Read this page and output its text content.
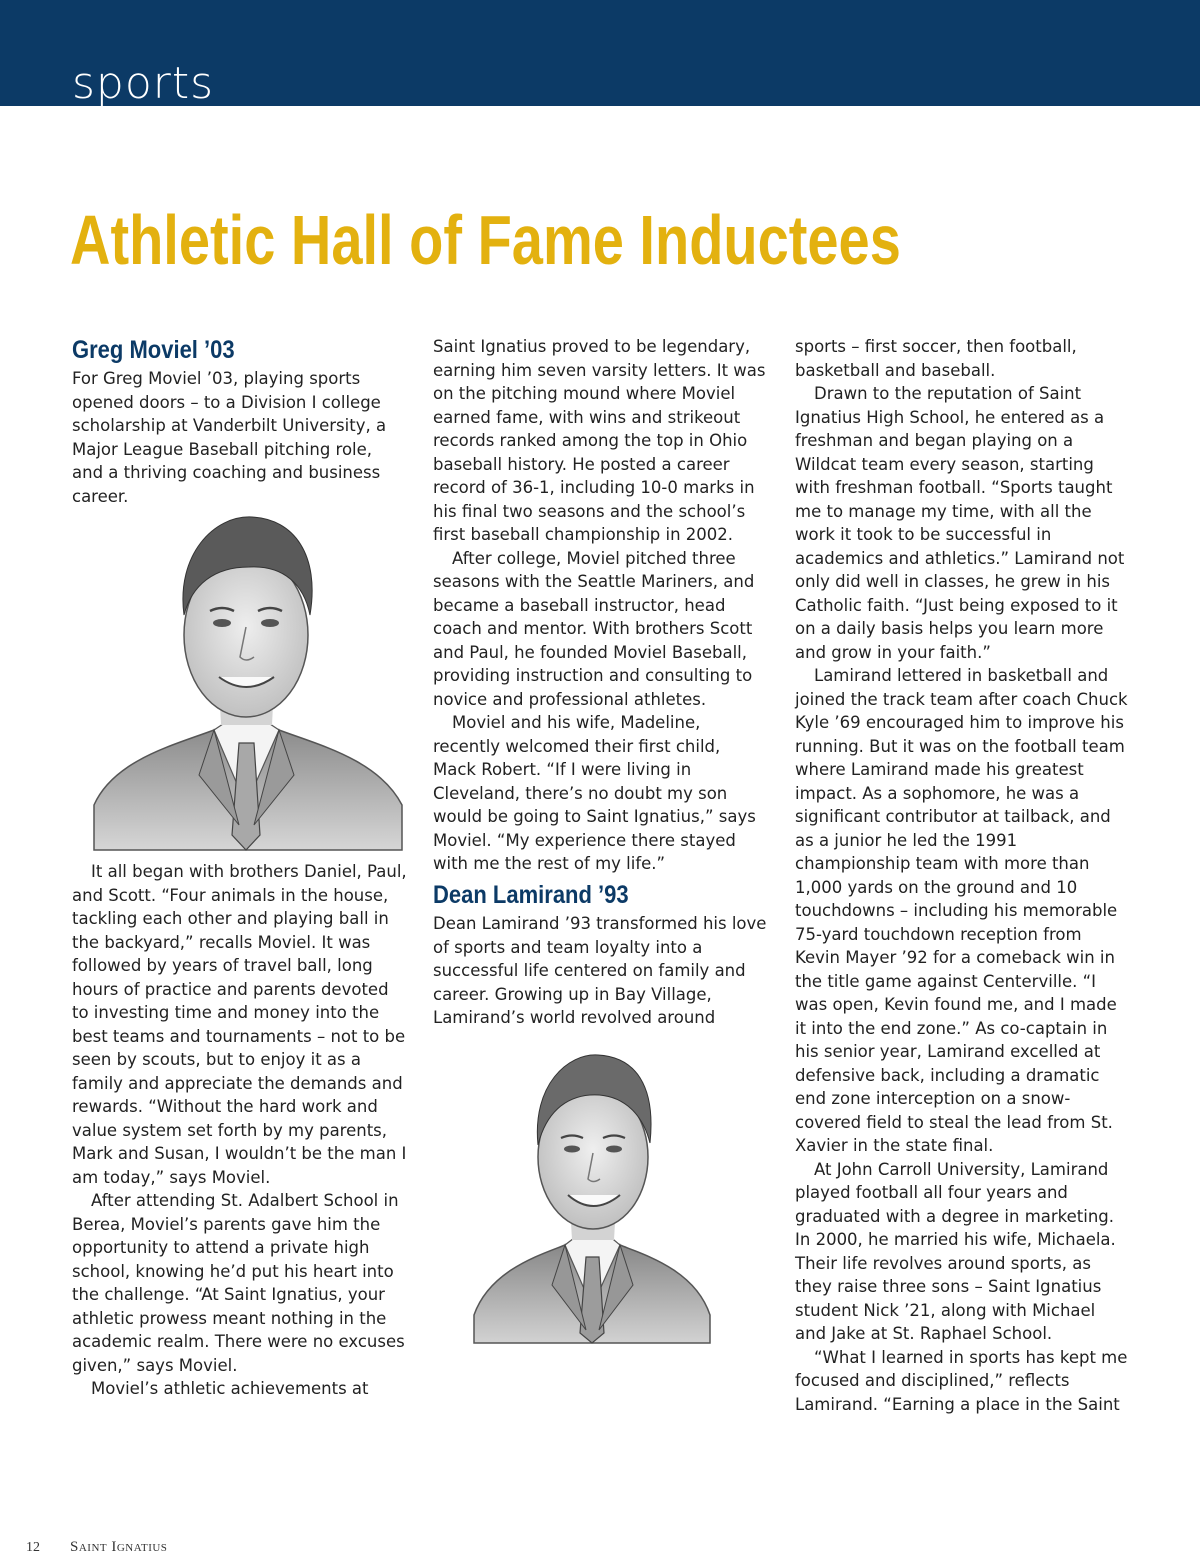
sports
Athletic Hall of Fame Inductees
Greg Moviel ’03

For Greg Moviel ’03, playing sports opened doors – to a Division I college scholarship at Vanderbilt University, a Major League Baseball pitching role, and a thriving coaching and business career.

It all began with brothers Daniel, Paul, and Scott. “Four animals in the house, tackling each other and playing ball in the backyard,” recalls Moviel. It was followed by years of travel ball, long hours of practice and parents devoted to investing time and money into the best teams and tournaments – not to be seen by scouts, but to enjoy it as a family and appreciate the demands and rewards. “Without the hard work and value system set forth by my parents, Mark and Susan, I wouldn’t be the man I am today,” says Moviel.

After attending St. Adalbert School in Berea, Moviel’s parents gave him the opportunity to attend a private high school, knowing he’d put his heart into the challenge. “At Saint Ignatius, your athletic prowess meant nothing in the academic realm. There were no excuses given,” says Moviel.

Moviel’s athletic achievements at

Saint Ignatius proved to be legendary, earning him seven varsity letters. It was on the pitching mound where Moviel earned fame, with wins and strikeout records ranked among the top in Ohio baseball history. He posted a career record of 36-1, including 10-0 marks in his final two seasons and the school’s first baseball championship in 2002.

After college, Moviel pitched three seasons with the Seattle Mariners, and became a baseball instructor, head coach and mentor. With brothers Scott and Paul, he founded Moviel Baseball, providing instruction and consulting to novice and professional athletes.

Moviel and his wife, Madeline, recently welcomed their first child, Mack Robert. “If I were living in Cleveland, there’s no doubt my son would be going to Saint Ignatius,” says Moviel. “My experience there stayed with me the rest of my life.”

Dean Lamirand ’93

Dean Lamirand ’93 transformed his love of sports and team loyalty into a successful life centered on family and career. Growing up in Bay Village, Lamirand’s world revolved around

sports – first soccer, then football, basketball and baseball.

Drawn to the reputation of Saint Ignatius High School, he entered as a freshman and began playing on a Wildcat team every season, starting with freshman football. “Sports taught me to manage my time, with all the work it took to be successful in academics and athletics.” Lamirand not only did well in classes, he grew in his Catholic faith. “Just being exposed to it on a daily basis helps you learn more and grow in your faith.”

Lamirand lettered in basketball and joined the track team after coach Chuck Kyle ’69 encouraged him to improve his running. But it was on the football team where Lamirand made his greatest impact. As a sophomore, he was a significant contributor at tailback, and as a junior he led the 1991 championship team with more than 1,000 yards on the ground and 10 touchdowns – including his memorable 75-yard touchdown reception from Kevin Mayer ’92 for a comeback win in the title game against Centerville. “I was open, Kevin found me, and I made it into the end zone.” As co-captain in his senior year, Lamirand excelled at defensive back, including a dramatic end zone interception on a snow-covered field to steal the lead from St. Xavier in the state final.

At John Carroll University, Lamirand played football all four years and graduated with a degree in marketing. In 2000, he married his wife, Michaela. Their life revolves around sports, as they raise three sons – Saint Ignatius student Nick ’21, along with Michael and Jake at St. Raphael School.

“What I learned in sports has kept me focused and disciplined,” reflects Lamirand. “Earning a place in the Saint

12 Saint Ignatius
